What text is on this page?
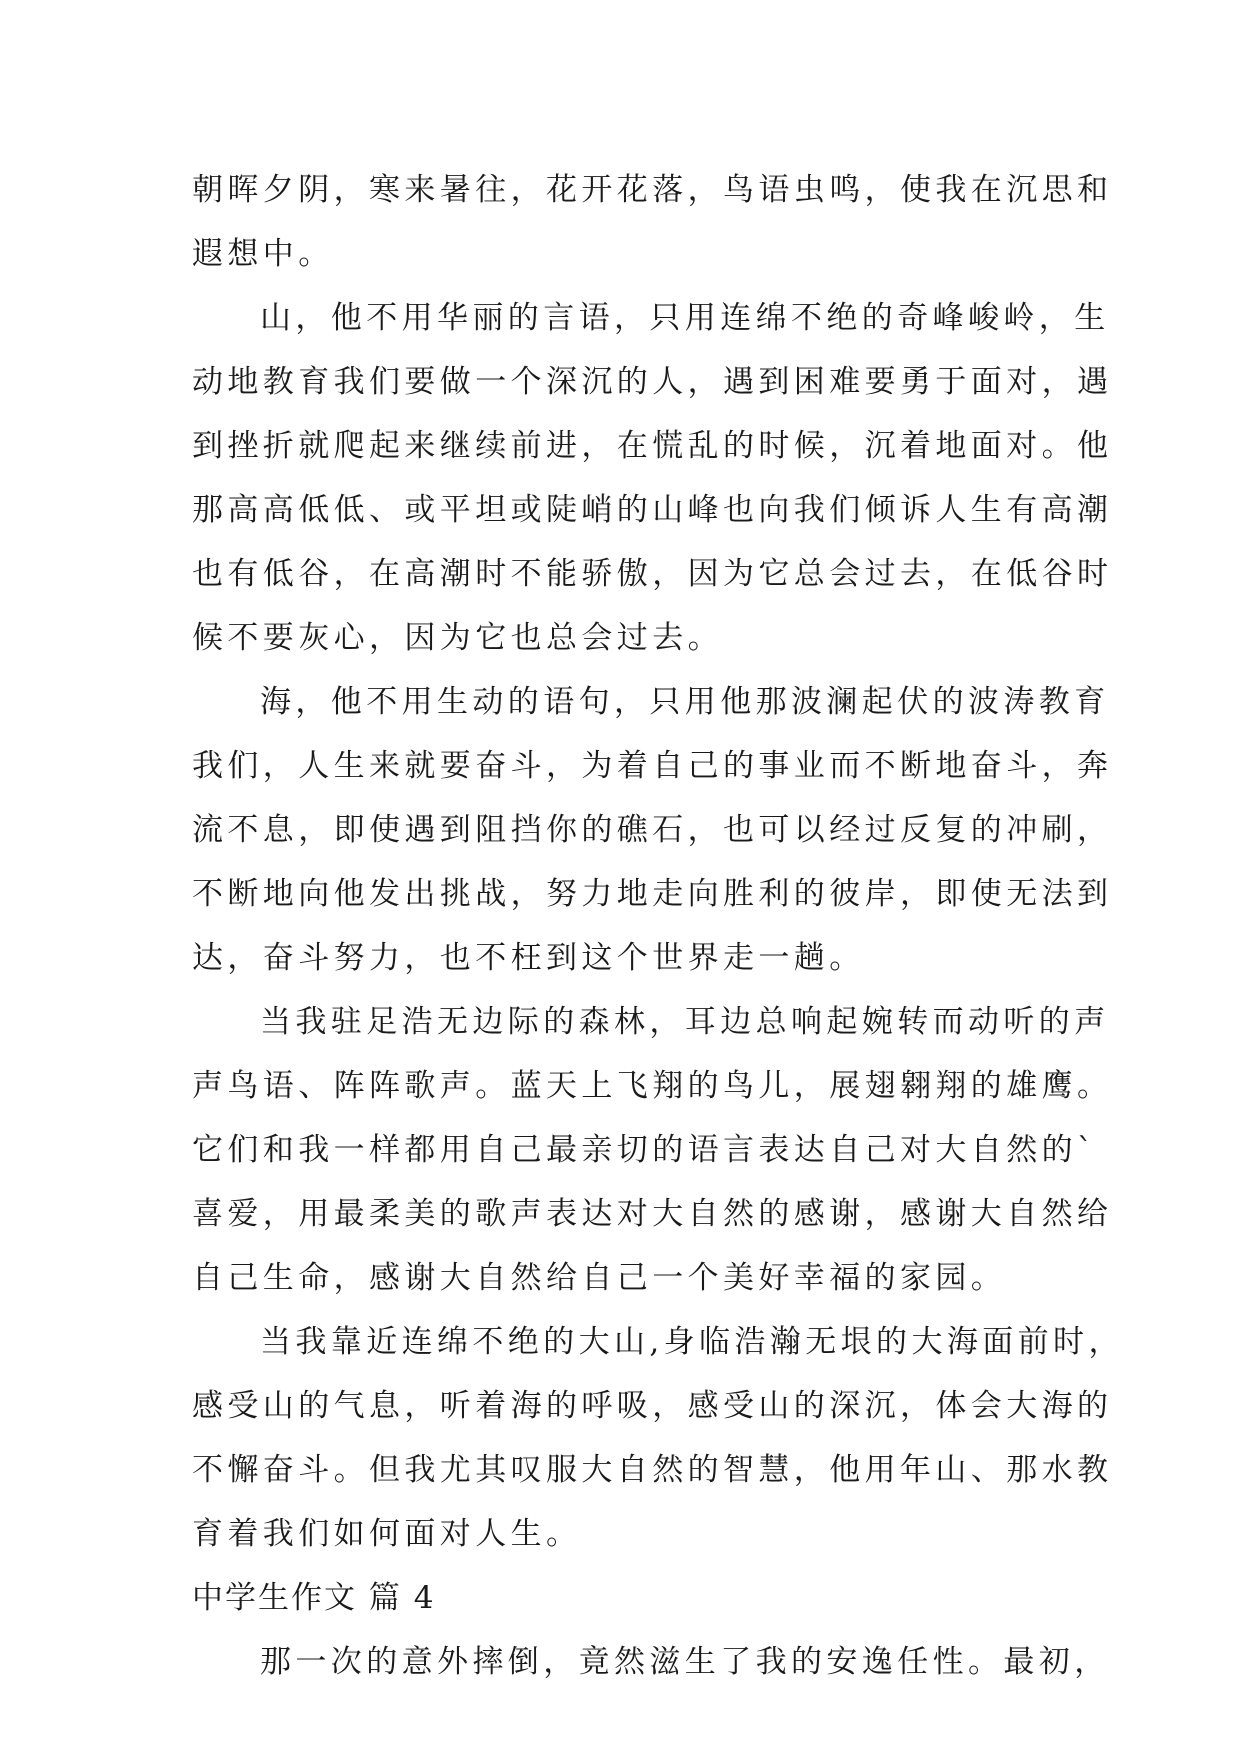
朝晖夕阴，寒来暑往，花开花落，鸟语虫鸣，使我在沉思和
遐想中。
山，他不用华丽的言语，只用连绵不绝的奇峰峻岭，生
动地教育我们要做一个深沉的人，遇到困难要勇于面对，遇
到挫折就爬起来继续前进，在慌乱的时候，沉着地面对。他
那高高低低、或平坦或陡峭的山峰也向我们倾诉人生有高潮
也有低谷，在高潮时不能骄傲，因为它总会过去，在低谷时
候不要灰心，因为它也总会过去。
海，他不用生动的语句，只用他那波澜起伏的波涛教育
我们，人生来就要奋斗，为着自己的事业而不断地奋斗，奔
流不息，即使遇到阻挡你的礁石，也可以经过反复的冲刷，
不断地向他发出挑战，努力地走向胜利的彼岸，即使无法到
达，奋斗努力，也不枉到这个世界走一趟。
当我驻足浩无边际的森林，耳边总响起婉转而动听的声
声鸟语、阵阵歌声。蓝天上飞翔的鸟儿，展翅翱翔的雄鹰。
它们和我一样都用自己最亲切的语言表达自己对大自然的`
喜爱，用最柔美的歌声表达对大自然的感谢，感谢大自然给
自己生命，感谢大自然给自己一个美好幸福的家园。
当我靠近连绵不绝的大山,身临浩瀚无垠的大海面前时，
感受山的气息，听着海的呼吸，感受山的深沉，体会大海的
不懈奋斗。但我尤其叹服大自然的智慧，他用年山、那水教
育着我们如何面对人生。
中学生作文 篇 4
那一次的意外摔倒，竟然滋生了我的安逸任性。最初，
